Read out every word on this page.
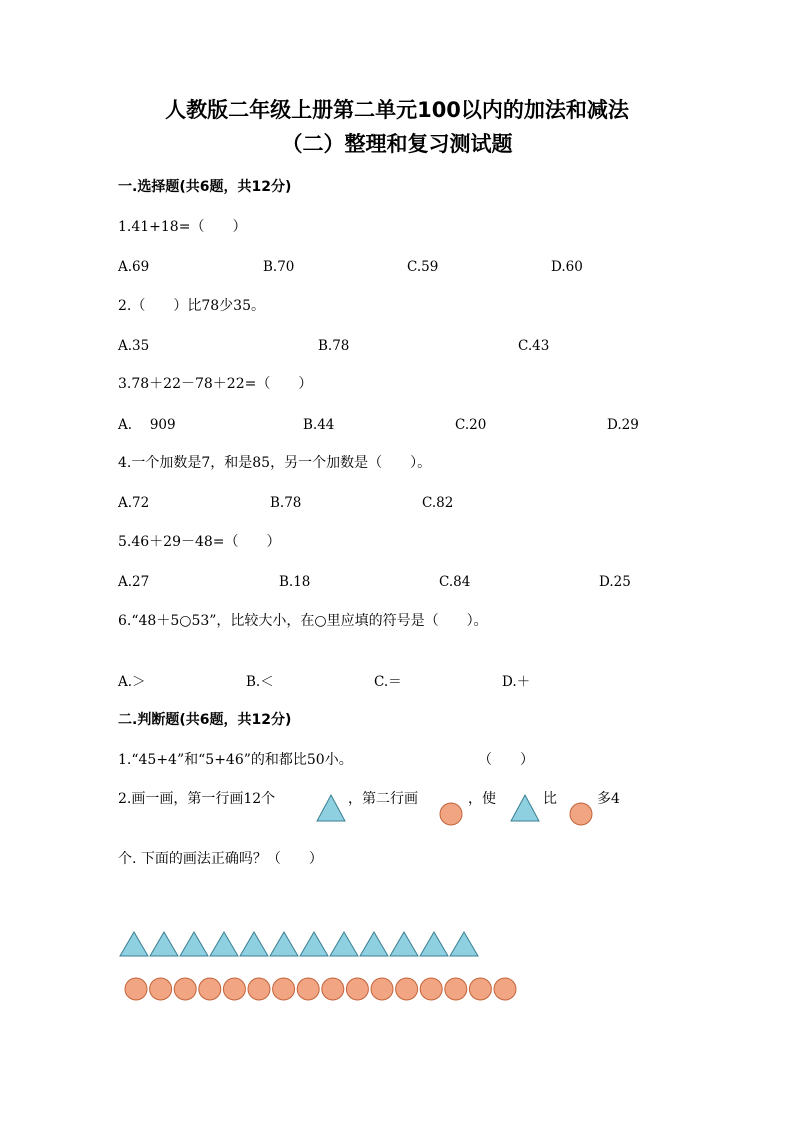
人教版二年级上册第二单元100以内的加法和减法
（二）整理和复习测试题
一.选择题(共6题，共12分)
1.41+18=（　　）
A.69	B.70	C.59	D.60
2.（　　）比78少35。
A.35	B.78	C.43
3.78＋22－78＋22=（　　）
A.　 909	B.44	C.20	D.29
4.一个加数是7，和是85，另一个加数是（　　）。
A.72	B.78	C.82
5.46＋29－48=（　　）
A.27	B.18	C.84	D.25
6.“48＋5○53”，比较大小，在○里应填的符号是（　　）。
A.＞	B.＜	C.＝	D.＋
二.判断题(共6题，共12分)
1.“45+4”和“5+46”的和都比50小。	（　　）
2.画一画，第一行画12个	，第二行画	，使	比	多4
个. 下面的画法正确吗？（　　）
